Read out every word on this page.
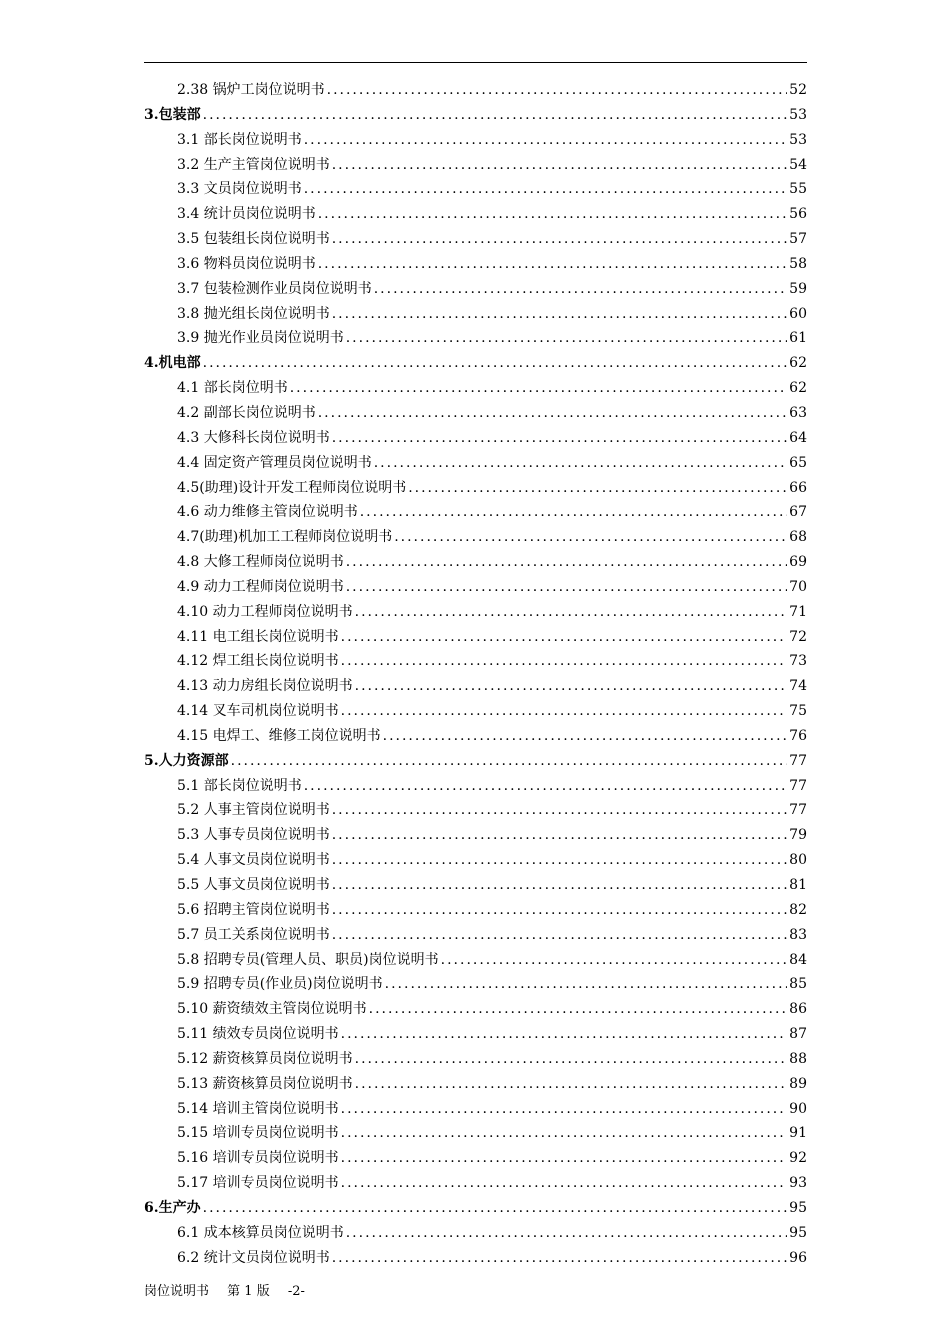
2.38 锅炉工岗位说明书 .....	52
3.包装部 .....	53
3.1 部长岗位说明书 .....	53
3.2 生产主管岗位说明书 .....	54
3.3 文员岗位说明书 .....	55
3.4 统计员岗位说明书 .....	56
3.5 包装组长岗位说明书 .....	57
3.6 物料员岗位说明书 .....	58
3.7 包装检测作业员岗位说明书 .....	59
3.8 抛光组长岗位说明书 .....	60
3.9 抛光作业员岗位说明书 .....	61
4.机电部 .....	62
4.1 部长岗位明书 .....	62
4.2 副部长岗位说明书 .....	63
4.3 大修科长岗位说明书 .....	64
4.4 固定资产管理员岗位说明书 .....	65
4.5(助理)设计开发工程师岗位说明书 .....	66
4.6 动力维修主管岗位说明书 .....	67
4.7(助理)机加工工程师岗位说明书 .....	68
4.8 大修工程师岗位说明书 .....	69
4.9 动力工程师岗位说明书 .....	70
4.10 动力工程师岗位说明书 .....	71
4.11 电工组长岗位说明书 .....	72
4.12 焊工组长岗位说明书 .....	73
4.13 动力房组长岗位说明书 .....	74
4.14 叉车司机岗位说明书 .....	75
4.15 电焊工、维修工岗位说明书 .....	76
5.人力资源部 .....	77
5.1 部长岗位说明书 .....	77
5.2 人事主管岗位说明书 .....	77
5.3 人事专员岗位说明书 .....	79
5.4 人事文员岗位说明书 .....	80
5.5 人事文员岗位说明书 .....	81
5.6 招聘主管岗位说明书 .....	82
5.7 员工关系岗位说明书 .....	83
5.8 招聘专员(管理人员、职员)岗位说明书 .....	84
5.9 招聘专员(作业员)岗位说明书 .....	85
5.10 薪资绩效主管岗位说明书 .....	86
5.11 绩效专员岗位说明书 .....	87
5.12 薪资核算员岗位说明书 .....	88
5.13 薪资核算员岗位说明书 .....	89
5.14 培训主管岗位说明书 .....	90
5.15 培训专员岗位说明书 .....	91
5.16 培训专员岗位说明书 .....	92
5.17 培训专员岗位说明书 .....	93
6.生产办 .....	95
6.1 成本核算员岗位说明书 .....	95
6.2 统计文员岗位说明书 .....	96
岗位说明书 第 1 版 -2-
